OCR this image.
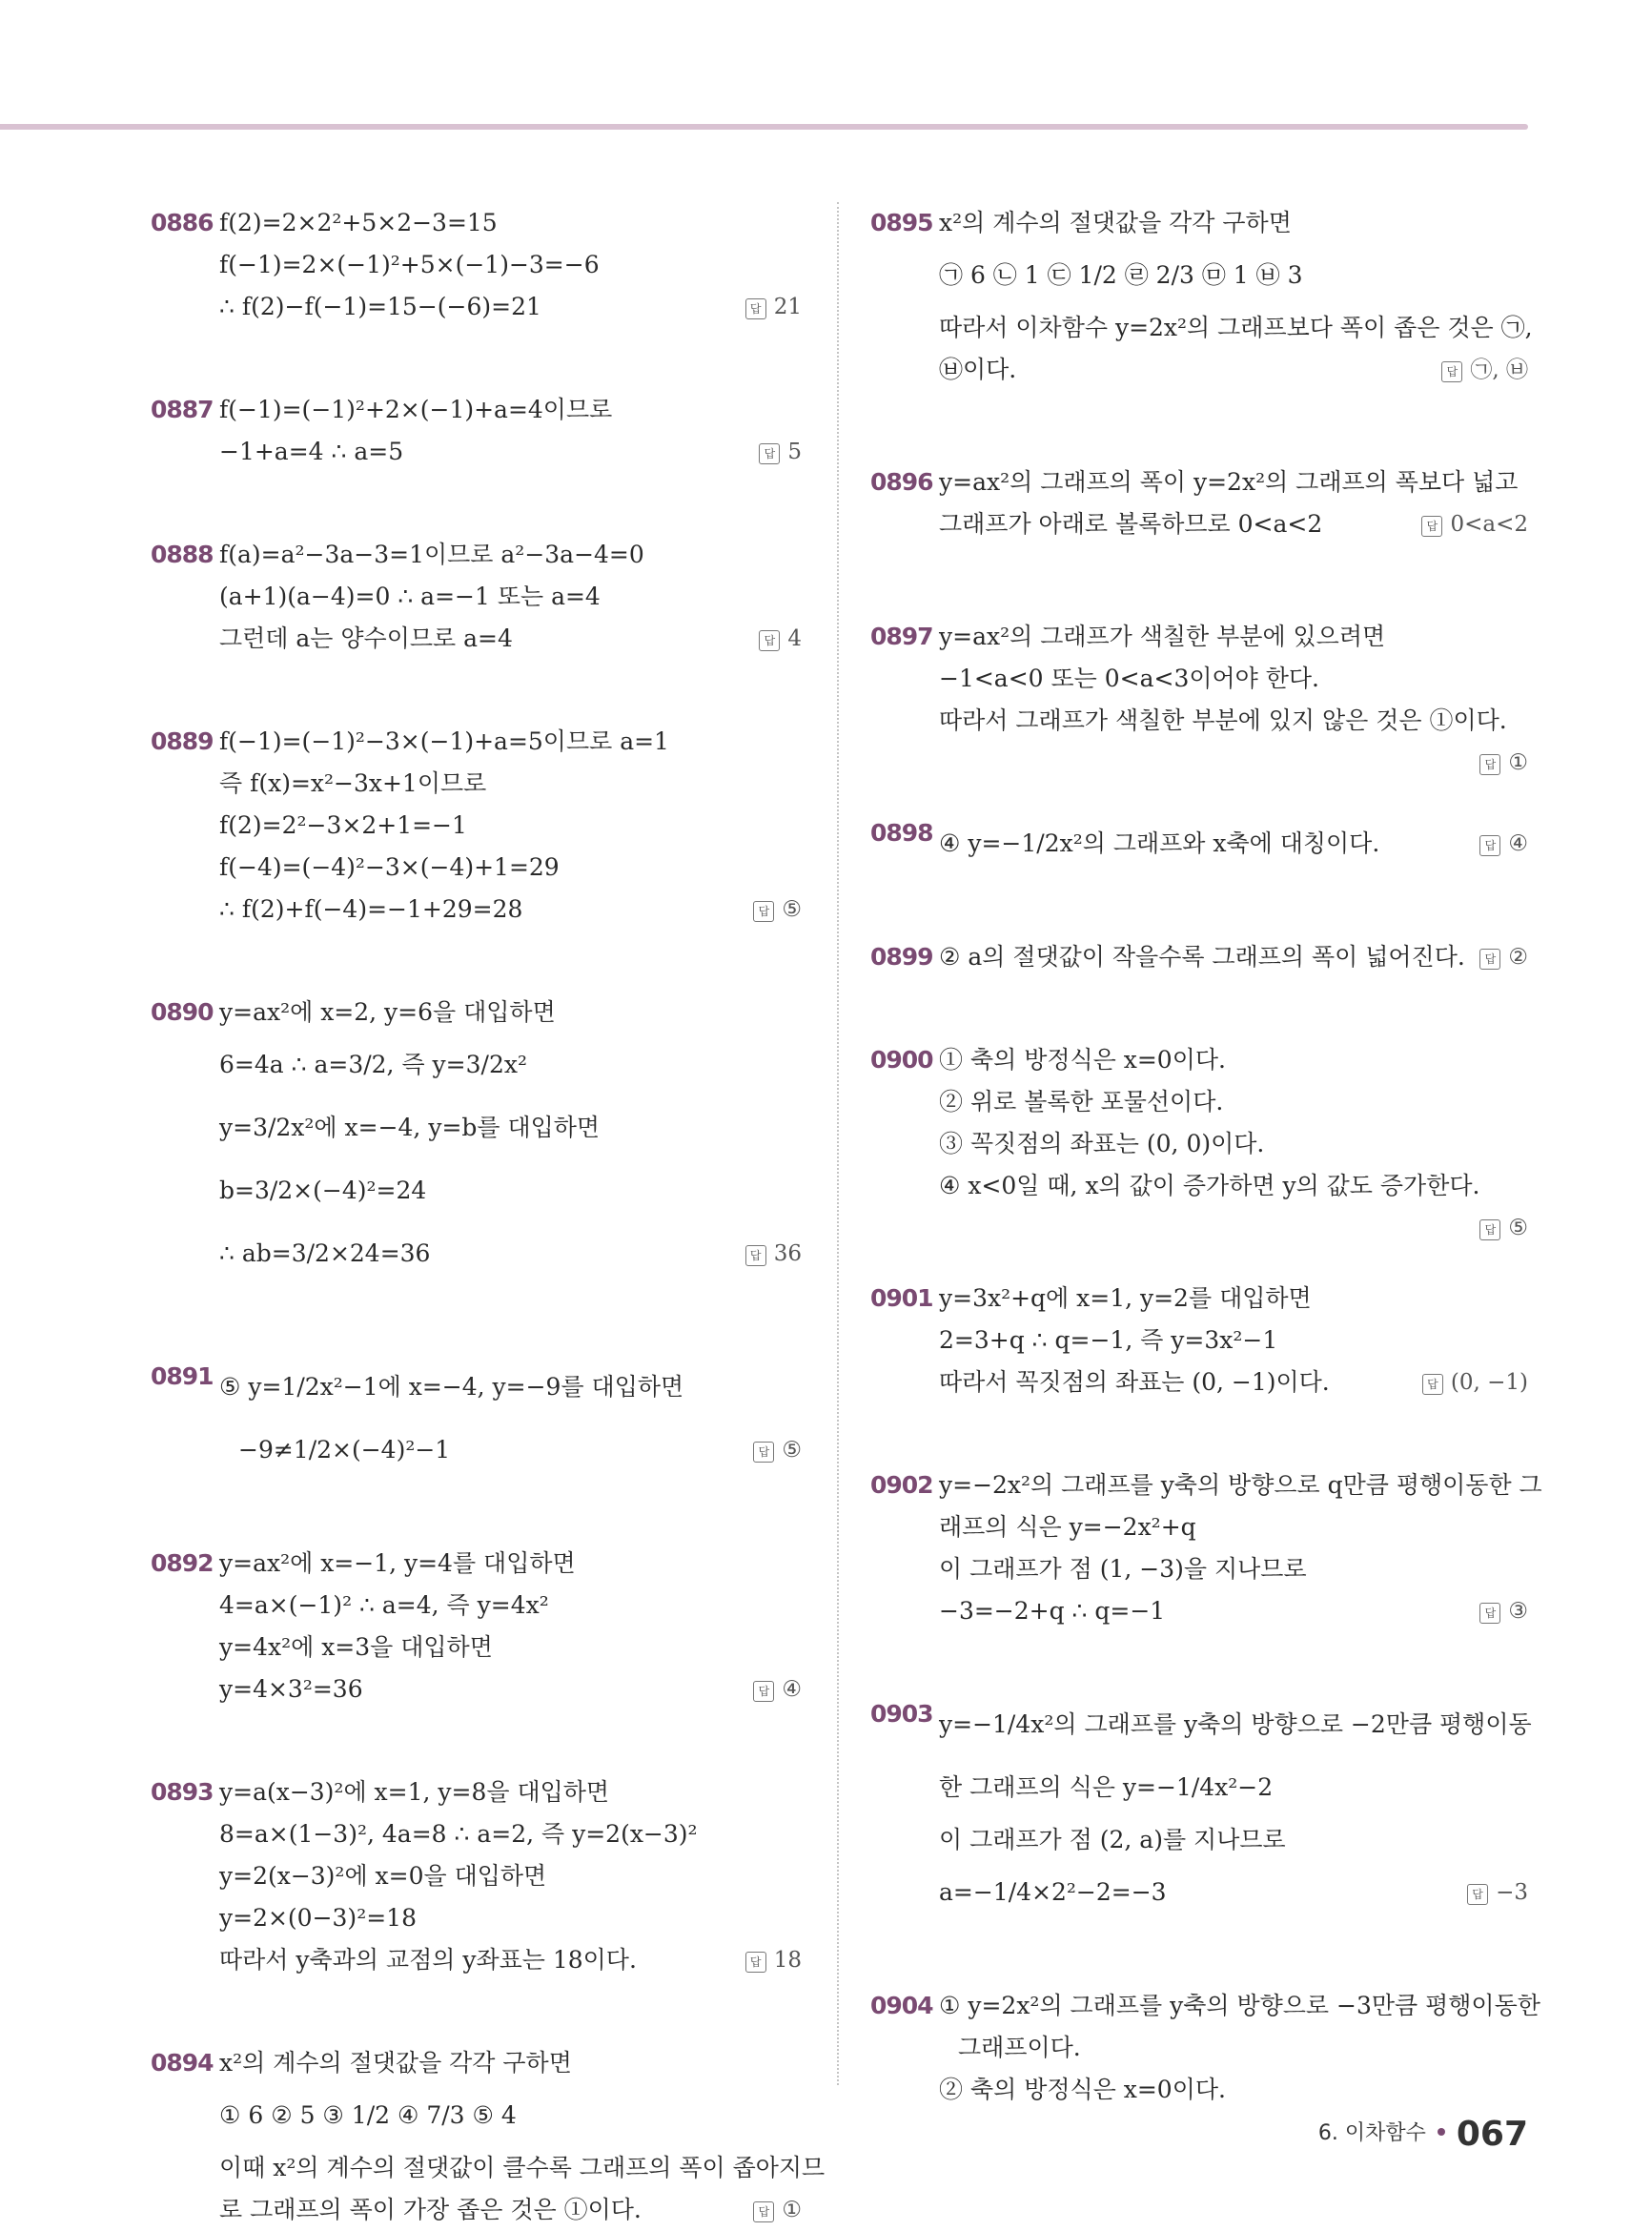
0886 f(2)=2×2²+5×2−3=15
f(−1)=2×(−1)²+5×(−1)−3=−6
∴ f(2)−f(−1)=15−(−6)=21	답 21
0887 f(−1)=(−1)²+2×(−1)+a=4이므로
−1+a=4 ∴ a=5	답 5
0888 f(a)=a²−3a−3=1이므로 a²−3a−4=0
(a+1)(a−4)=0 ∴ a=−1 또는 a=4
그런데 a는 양수이므로 a=4	답 4
0889 f(−1)=(−1)²−3×(−1)+a=5이므로 a=1
즉 f(x)=x²−3x+1이므로
f(2)=2²−3×2+1=−1
f(−4)=(−4)²−3×(−4)+1=29
∴ f(2)+f(−4)=−1+29=28	답 ⑤
0890 y=ax²에 x=2, y=6을 대입하면
6=4a ∴ a=3/2, 즉 y=3/2x²
y=3/2x²에 x=−4, y=b를 대입하면
b=3/2×(−4)²=24
∴ ab=3/2×24=36	답 36
0891 ⑤ y=1/2x²−1에 x=−4, y=−9를 대입하면
−9≠1/2×(−4)²−1	답 ⑤
0892 y=ax²에 x=−1, y=4를 대입하면
4=a×(−1)² ∴ a=4, 즉 y=4x²
y=4x²에 x=3을 대입하면
y=4×3²=36	답 ④
0893 y=a(x−3)²에 x=1, y=8을 대입하면
8=a×(1−3)², 4a=8 ∴ a=2, 즉 y=2(x−3)²
y=2(x−3)²에 x=0을 대입하면
y=2×(0−3)²=18
따라서 y축과의 교점의 y좌표는 18이다.	답 18
0894 x²의 계수의 절댓값을 각각 구하면
① 6 ② 5 ③ 1/2 ④ 7/3 ⑤ 4
이때 x²의 계수의 절댓값이 클수록 그래프의 폭이 좁아지므
로 그래프의 폭이 가장 좁은 것은 ①이다.	답 ①
0895 x²의 계수의 절댓값을 각각 구하면
㉠ 6 ㉡ 1 ㉢ 1/2 ㉣ 2/3 ㉤ 1 ㉥ 3
따라서 이차함수 y=2x²의 그래프보다 폭이 좁은 것은 ㉠,
㉥이다.	답 ㉠, ㉥
0896 y=ax²의 그래프의 폭이 y=2x²의 그래프의 폭보다 넓고
그래프가 아래로 볼록하므로 0<a<2	답 0<a<2
0897 y=ax²의 그래프가 색칠한 부분에 있으려면
−1<a<0 또는 0<a<3이어야 한다.
따라서 그래프가 색칠한 부분에 있지 않은 것은 ①이다.
답 ①
0898 ④ y=−1/2x²의 그래프와 x축에 대칭이다.	답 ④
0899 ② a의 절댓값이 작을수록 그래프의 폭이 넓어진다.	답 ②
0900 ① 축의 방정식은 x=0이다.
② 위로 볼록한 포물선이다.
③ 꼭짓점의 좌표는 (0, 0)이다.
④ x<0일 때, x의 값이 증가하면 y의 값도 증가한다.
답 ⑤
0901 y=3x²+q에 x=1, y=2를 대입하면
2=3+q ∴ q=−1, 즉 y=3x²−1
따라서 꼭짓점의 좌표는 (0, −1)이다.	답 (0, −1)
0902 y=−2x²의 그래프를 y축의 방향으로 q만큼 평행이동한 그
래프의 식은 y=−2x²+q
이 그래프가 점 (1, −3)을 지나므로
−3=−2+q ∴ q=−1	답 ③
0903 y=−1/4x²의 그래프를 y축의 방향으로 −2만큼 평행이동
한 그래프의 식은 y=−1/4x²−2
이 그래프가 점 (2, a)를 지나므로
a=−1/4×2²−2=−3	답 −3
0904 ① y=2x²의 그래프를 y축의 방향으로 −3만큼 평행이동한
그래프이다.
② 축의 방정식은 x=0이다.
6. 이차함수 067
